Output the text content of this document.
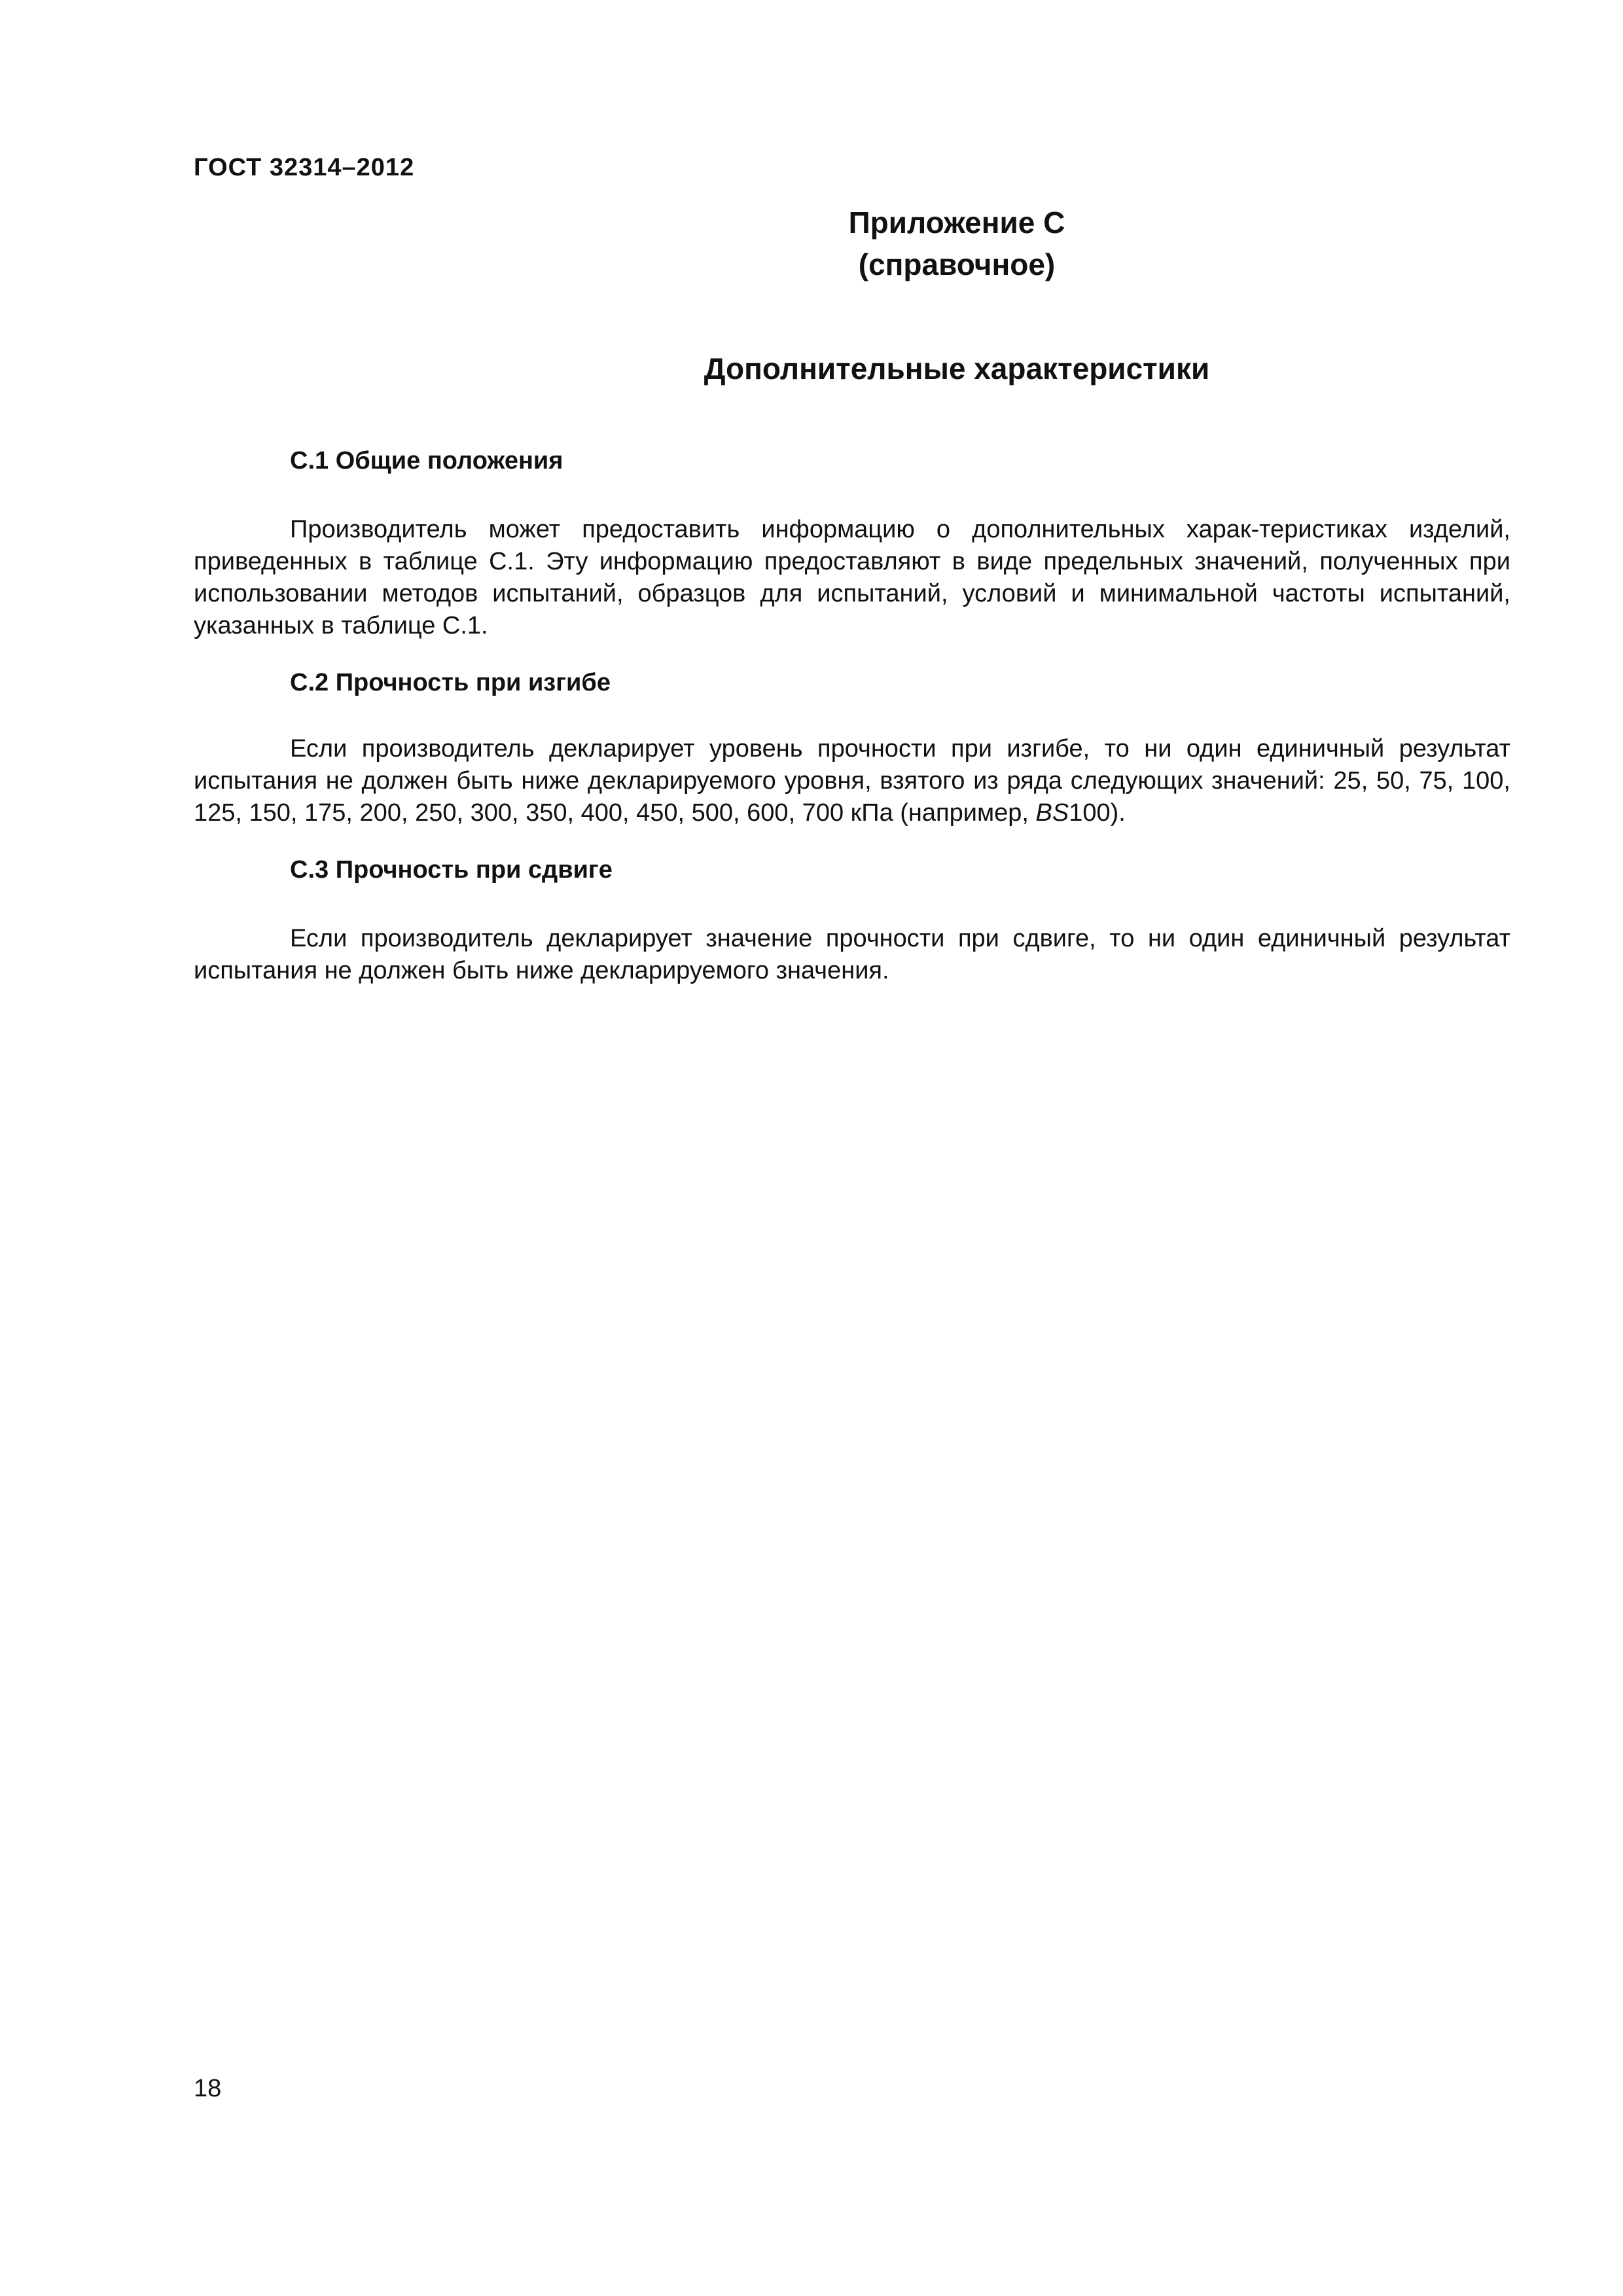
ГОСТ 32314–2012
Приложение С
(справочное)
Дополнительные характеристики
С.1 Общие положения
Производитель может предоставить информацию о дополнительных харак-теристиках изделий, приведенных в таблице С.1. Эту информацию предоставляют в виде предельных значений, полученных при использовании методов испытаний, образцов для испытаний, условий и минимальной частоты испытаний, указанных в таблице С.1.
С.2 Прочность при изгибе
Если производитель декларирует уровень прочности при изгибе, то ни один единичный результат испытания не должен быть ниже декларируемого уровня, взятого из ряда следующих значений: 25, 50, 75, 100, 125, 150, 175, 200, 250, 300, 350, 400, 450, 500, 600, 700 кПа (например, BS100).
С.3 Прочность при сдвиге
Если производитель декларирует значение прочности при сдвиге, то ни один единичный результат испытания не должен быть ниже декларируемого значения.
18
